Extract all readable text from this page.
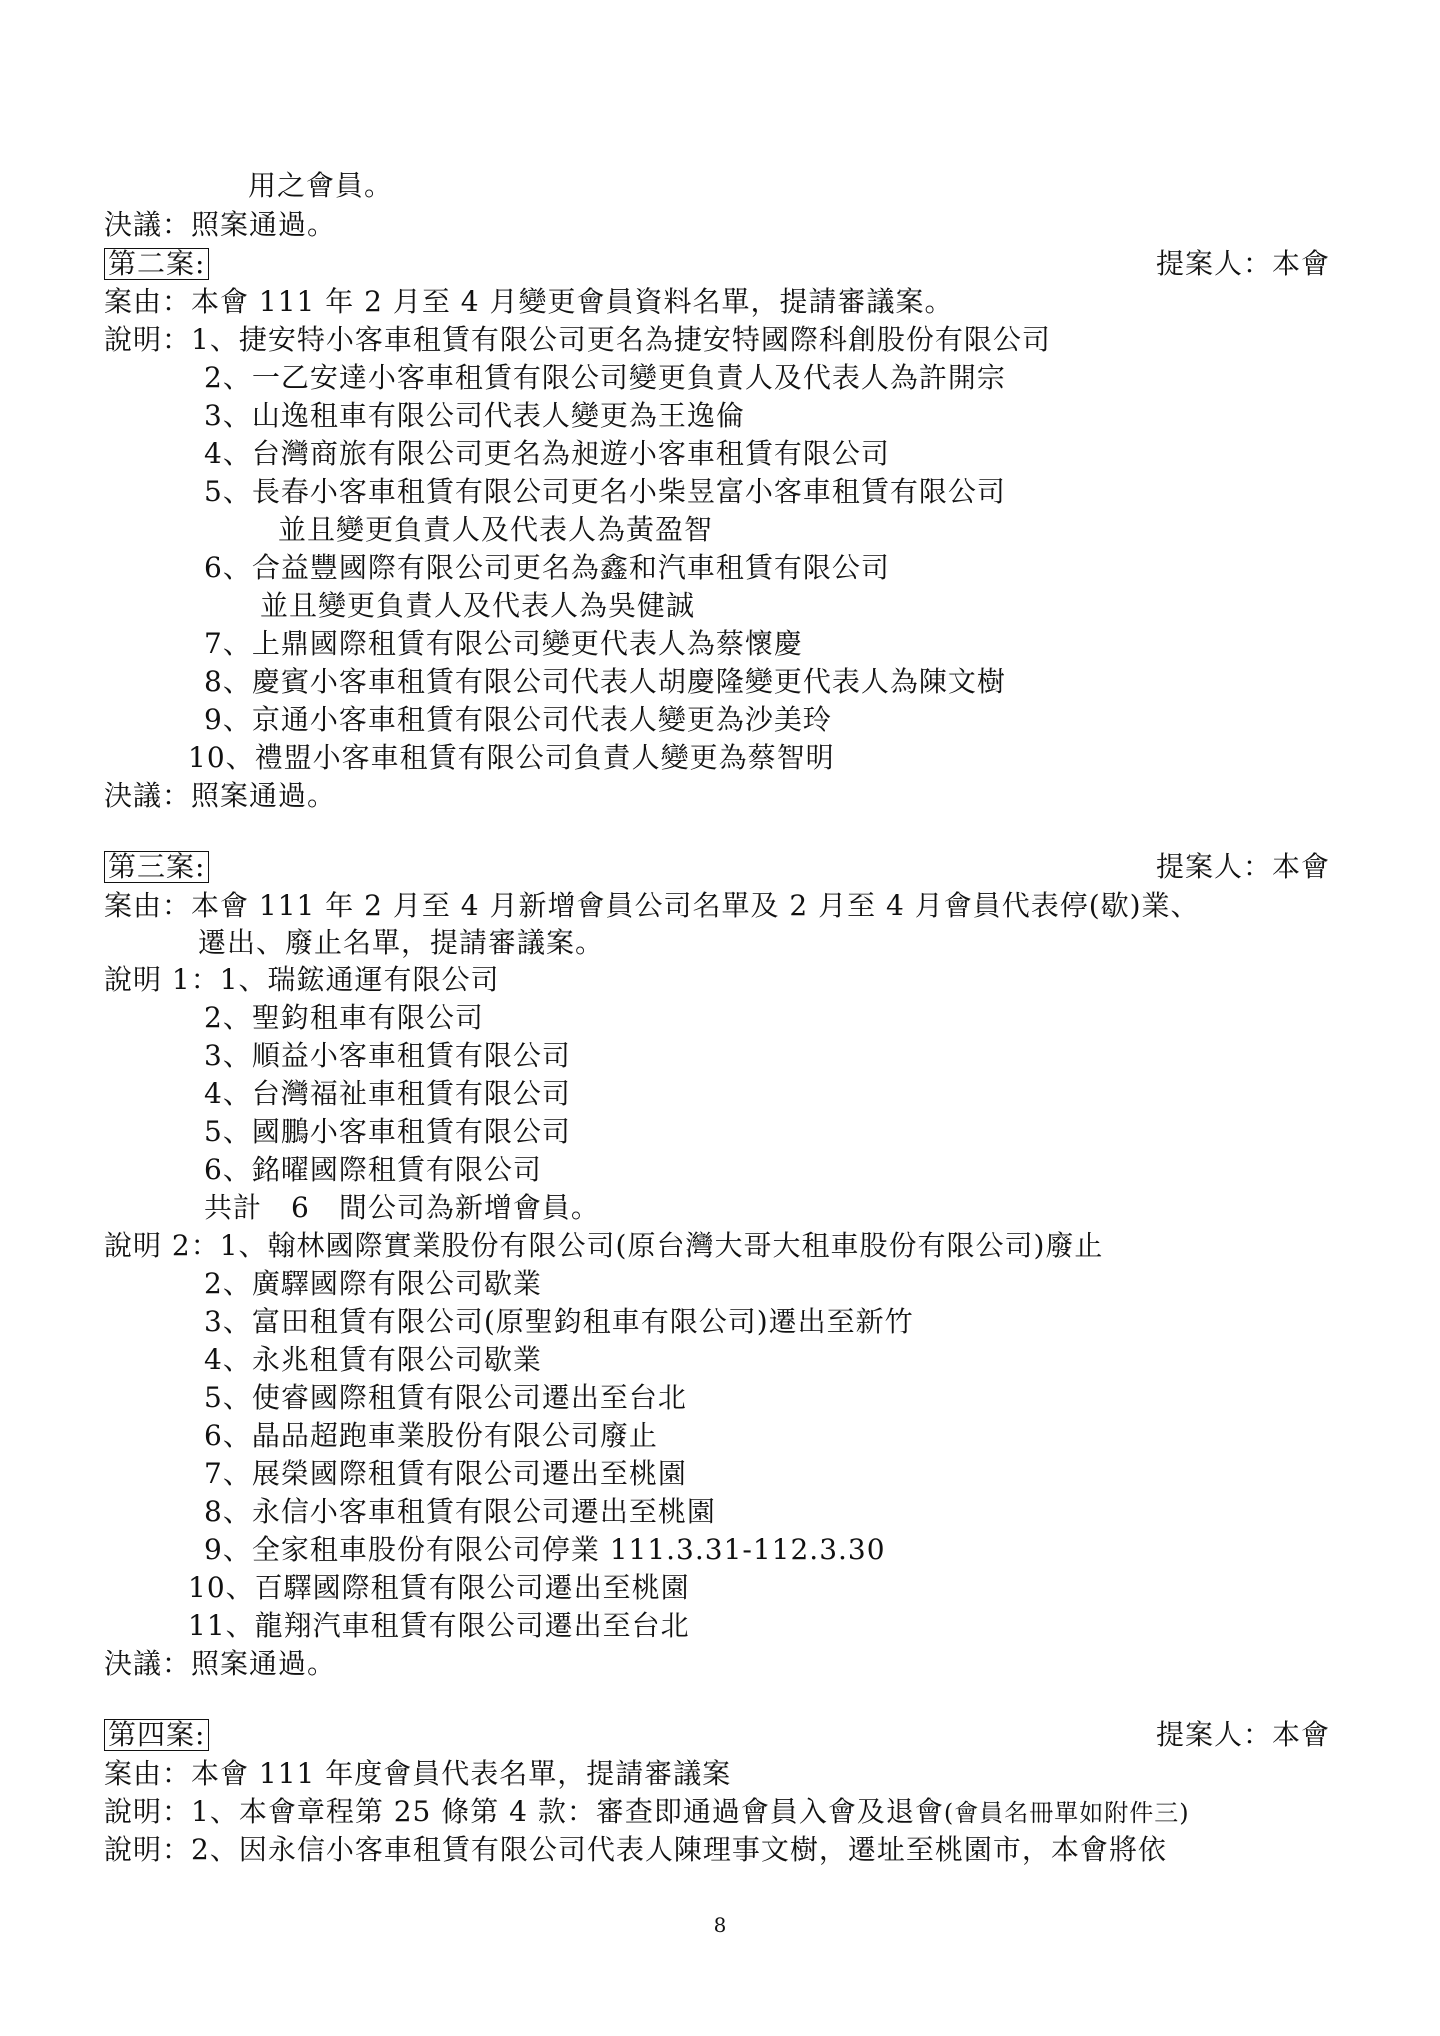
用之會員。
決議：照案通過。
第二案:	提案人：本會
案由：本會 111 年 2 月至 4 月變更會員資料名單，提請審議案。
說明：1、捷安特小客車租賃有限公司更名為捷安特國際科創股份有限公司
2、一乙安達小客車租賃有限公司變更負責人及代表人為許開宗
3、山逸租車有限公司代表人變更為王逸倫
4、台灣商旅有限公司更名為昶遊小客車租賃有限公司
5、長春小客車租賃有限公司更名小柴昱富小客車租賃有限公司
並且變更負責人及代表人為黃盈智
6、合益豐國際有限公司更名為鑫和汽車租賃有限公司
並且變更負責人及代表人為吳健誠
7、上鼎國際租賃有限公司變更代表人為蔡懷慶
8、慶賓小客車租賃有限公司代表人胡慶隆變更代表人為陳文樹
9、京通小客車租賃有限公司代表人變更為沙美玲
10、禮盟小客車租賃有限公司負責人變更為蔡智明
決議：照案通過。
第三案:	提案人：本會
案由：本會 111 年 2 月至 4 月新增會員公司名單及 2 月至 4 月會員代表停(歇)業、
遷出、廢止名單，提請審議案。
說明 1：1、瑞鋐通運有限公司
2、聖鈞租車有限公司
3、順益小客車租賃有限公司
4、台灣福祉車租賃有限公司
5、國鵬小客車租賃有限公司
6、銘曜國際租賃有限公司
共計　6　間公司為新增會員。
說明 2：1、翰林國際實業股份有限公司(原台灣大哥大租車股份有限公司)廢止
2、廣驛國際有限公司歇業
3、富田租賃有限公司(原聖鈞租車有限公司)遷出至新竹
4、永兆租賃有限公司歇業
5、使睿國際租賃有限公司遷出至台北
6、晶品超跑車業股份有限公司廢止
7、展榮國際租賃有限公司遷出至桃園
8、永信小客車租賃有限公司遷出至桃園
9、全家租車股份有限公司停業 111.3.31-112.3.30
10、百驛國際租賃有限公司遷出至桃園
11、龍翔汽車租賃有限公司遷出至台北
決議：照案通過。
第四案:	提案人：本會
案由：本會 111 年度會員代表名單，提請審議案
說明：1、本會章程第 25 條第 4 款：審查即通過會員入會及退會(會員名冊單如附件三)
說明：2、因永信小客車租賃有限公司代表人陳理事文樹，遷址至桃園市，本會將依
8
